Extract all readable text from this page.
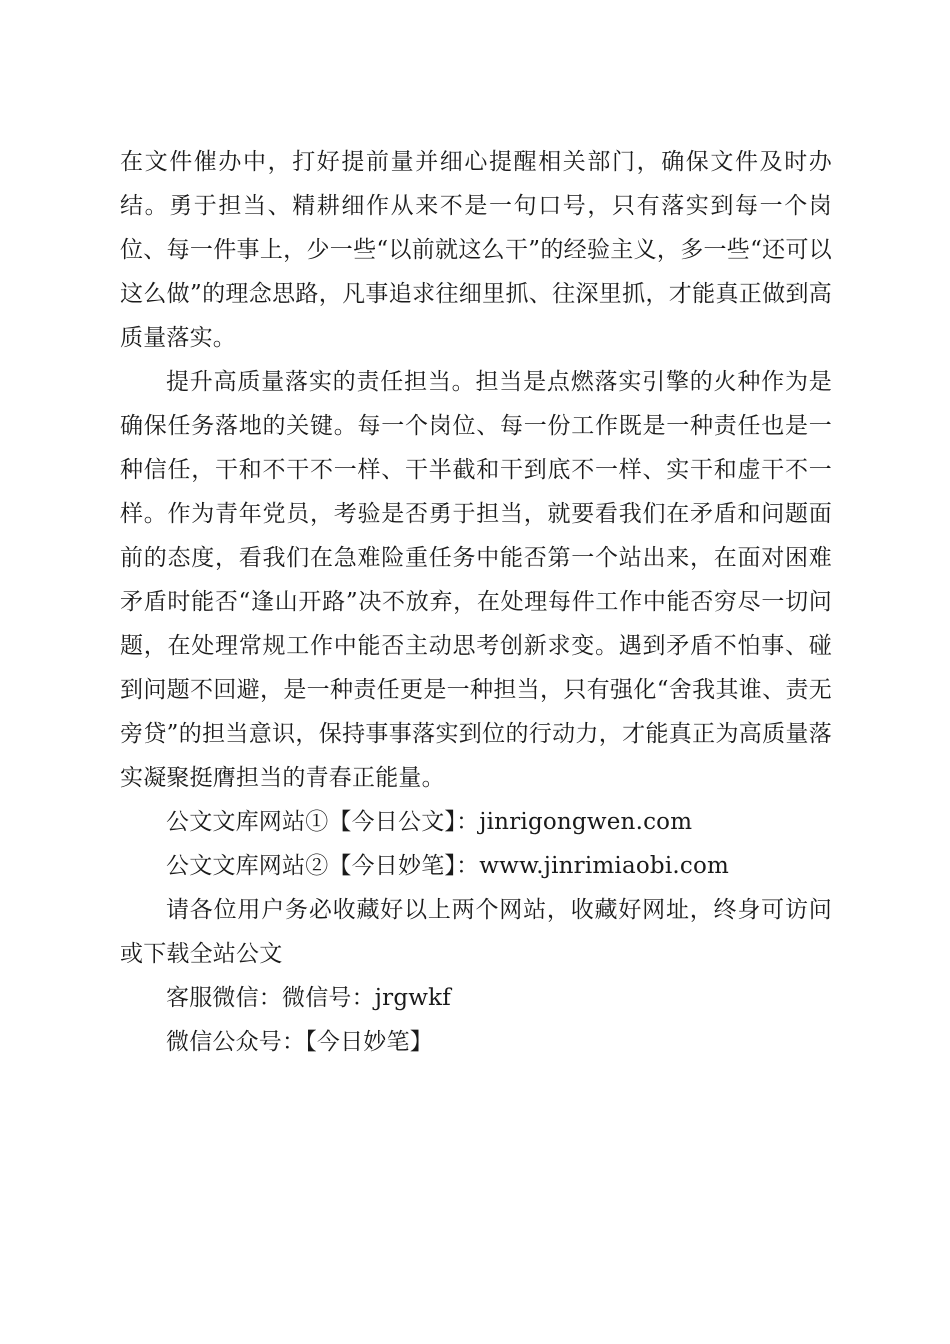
在文件催办中，打好提前量并细心提醒相关部门，确保文件及时办结。勇于担当、精耕细作从来不是一句口号，只有落实到每一个岗位、每一件事上，少一些“以前就这么干”的经验主义，多一些“还可以这么做”的理念思路，凡事追求往细里抓、往深里抓，才能真正做到高质量落实。

提升高质量落实的责任担当。担当是点燃落实引擎的火种作为是确保任务落地的关键。每一个岗位、每一份工作既是一种责任也是一种信任，干和不干不一样、干半截和干到底不一样、实干和虚干不一样。作为青年党员，考验是否勇于担当，就要看我们在矛盾和问题面前的态度，看我们在急难险重任务中能否第一个站出来，在面对困难矛盾时能否“逢山开路”决不放弃，在处理每件工作中能否穷尽一切问题，在处理常规工作中能否主动思考创新求变。遇到矛盾不怕事、碰到问题不回避，是一种责任更是一种担当，只有强化“舍我其谁、责无旁贷”的担当意识，保持事事落实到位的行动力，才能真正为高质量落实凝聚挺膺担当的青春正能量。

公文文库网站①【今日公文】：jinrigongwen.com

公文文库网站②【今日妙笔】：www.jinrimiaobi.com

请各位用户务必收藏好以上两个网站，收藏好网址，终身可访问或下载全站公文

客服微信：微信号：jrgwkf

微信公众号：【今日妙笔】
